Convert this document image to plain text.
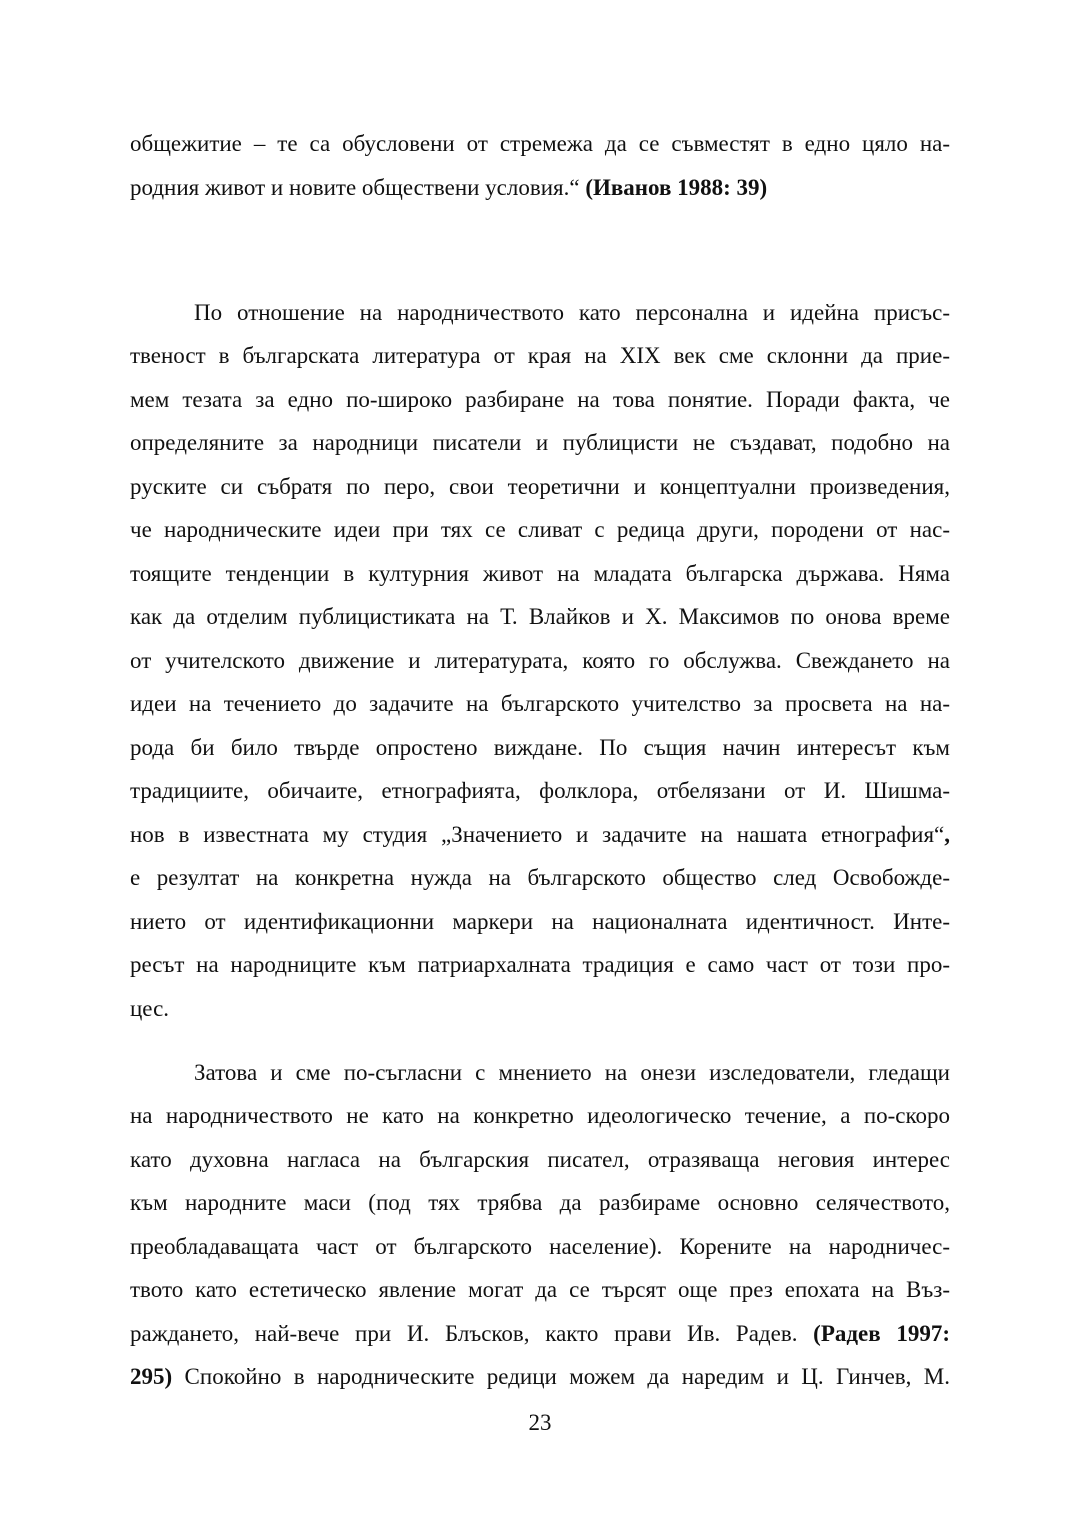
общежитие – те са обусловени от стремежа да се съвместят в едно цяло на-
родния живот и новите обществени условия.“ (Иванов 1988: 39)
По отношение на народничеството като персонална и идейна присъс-
твеност в българската литература от края на XIX век сме склонни да прие-
мем тезата за едно по-широко разбиране на това понятие. Поради факта, че
определяните за народници писатели и публицисти не създават, подобно на
руските си събратя по перо, свои теоретични и концептуални произведения,
че народническите идеи при тях се сливат с редица други, породени от нас-
тоящите тенденции в културния живот на младата българска държава. Няма
как да отделим публицистиката на Т. Влайков и Х. Максимов по онова време
от учителското движение и литературата, която го обслужва. Свеждането на
идеи на течението до задачите на българското учителство за просвета на на-
рода би било твърде опростено виждане. По същия начин интересът към
традициите, обичаите, етнографията, фолклора, отбелязани от И. Шишма-
нов в известната му студия „Значението и задачите на нашата етнография“,
е резултат на конкретна нужда на българското общество след Освобожде-
нието от идентификационни маркери на националната идентичност. Инте-
ресът на народниците към патриархалната традиция е само част от този про-
цес.
Затова и сме по-съгласни с мнението на онези изследователи, гледащи
на народничеството не като на конкретно идеологическо течение, а по-скоро
като духовна нагласа на българския писател, отразяваща неговия интерес
към народните маси (под тях трябва да разбираме основно селячеството,
преобладаващата част от българското население). Корените на народничес-
твото като естетическо явление могат да се търсят още през епохата на Въз-
раждането, най-вече при И. Блъсков, както прави Ив. Радев. (Радев 1997:
295) Спокойно в народническите редици можем да наредим и Ц. Гинчев, М.
23
